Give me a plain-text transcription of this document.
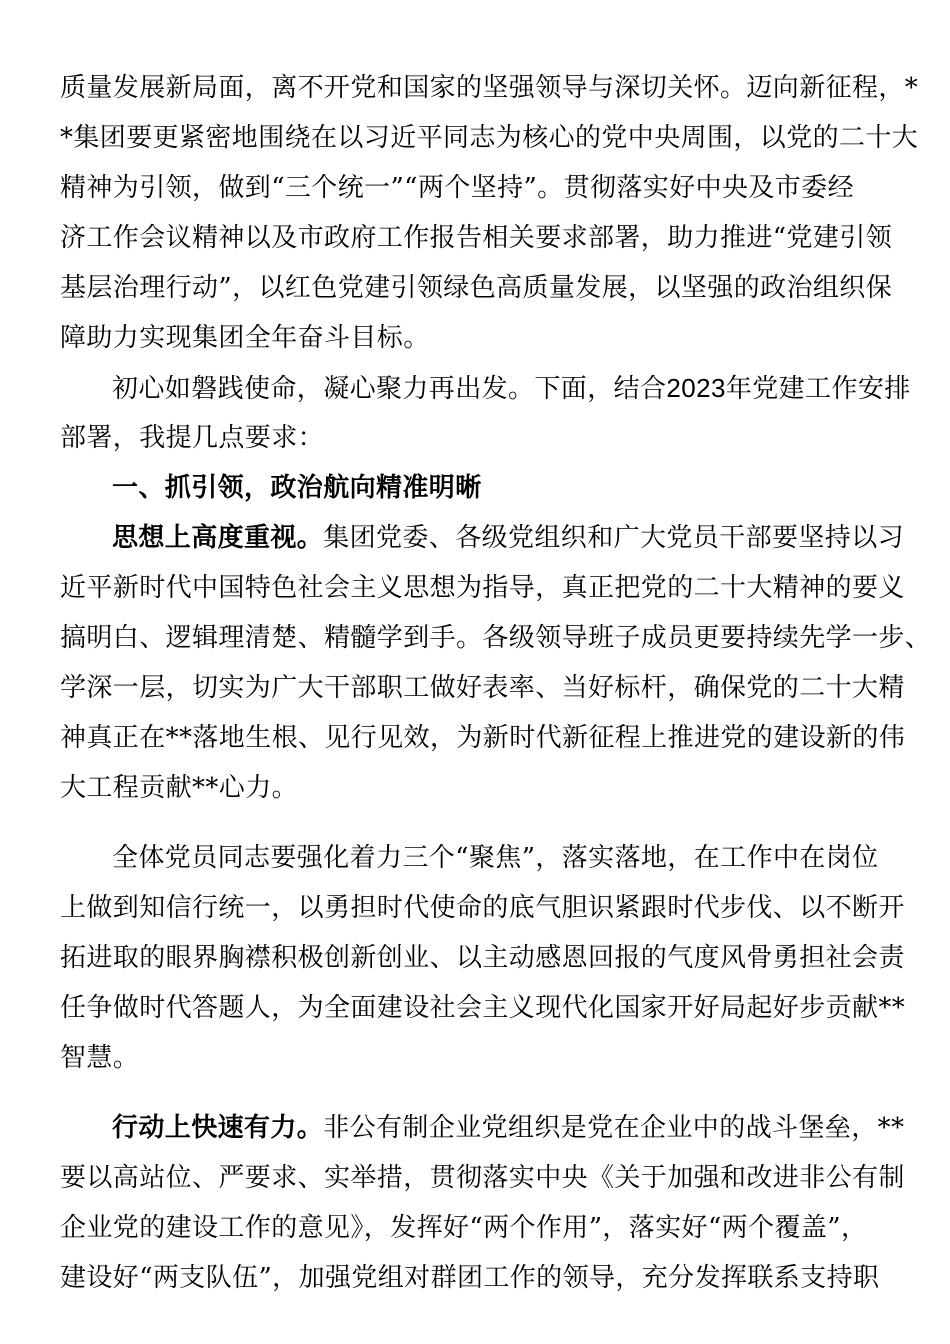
质量发展新局面，离不开党和国家的坚强领导与深切关怀。迈向新征程，*
*集团要更紧密地围绕在以习近平同志为核心的党中央周围，以党的二十大
精神为引领，做到“三个统一”“两个坚持”。贯彻落实好中央及市委经
济工作会议精神以及市政府工作报告相关要求部署，助力推进“党建引领
基层治理行动”，以红色党建引领绿色高质量发展，以坚强的政治组织保
障助力实现集团全年奋斗目标。
初心如磐践使命，凝心聚力再出发。下面，结合2023年党建工作安排
部署，我提几点要求：
一、抓引领，政治航向精准明晰
思想上高度重视。集团党委、各级党组织和广大党员干部要坚持以习
近平新时代中国特色社会主义思想为指导，真正把党的二十大精神的要义
搞明白、逻辑理清楚、精髓学到手。各级领导班子成员更要持续先学一步、
学深一层，切实为广大干部职工做好表率、当好标杆，确保党的二十大精
神真正在**落地生根、见行见效，为新时代新征程上推进党的建设新的伟
大工程贡献**心力。
全体党员同志要强化着力三个“聚焦”，落实落地，在工作中在岗位
上做到知信行统一，以勇担时代使命的底气胆识紧跟时代步伐、以不断开
拓进取的眼界胸襟积极创新创业、以主动感恩回报的气度风骨勇担社会责
任争做时代答题人，为全面建设社会主义现代化国家开好局起好步贡献**
智慧。
行动上快速有力。非公有制企业党组织是党在企业中的战斗堡垒，**
要以高站位、严要求、实举措，贯彻落实中央《关于加强和改进非公有制
企业党的建设工作的意见》，发挥好“两个作用”，落实好“两个覆盖”，
建设好“两支队伍”，加强党组对群团工作的领导，充分发挥联系支持职
